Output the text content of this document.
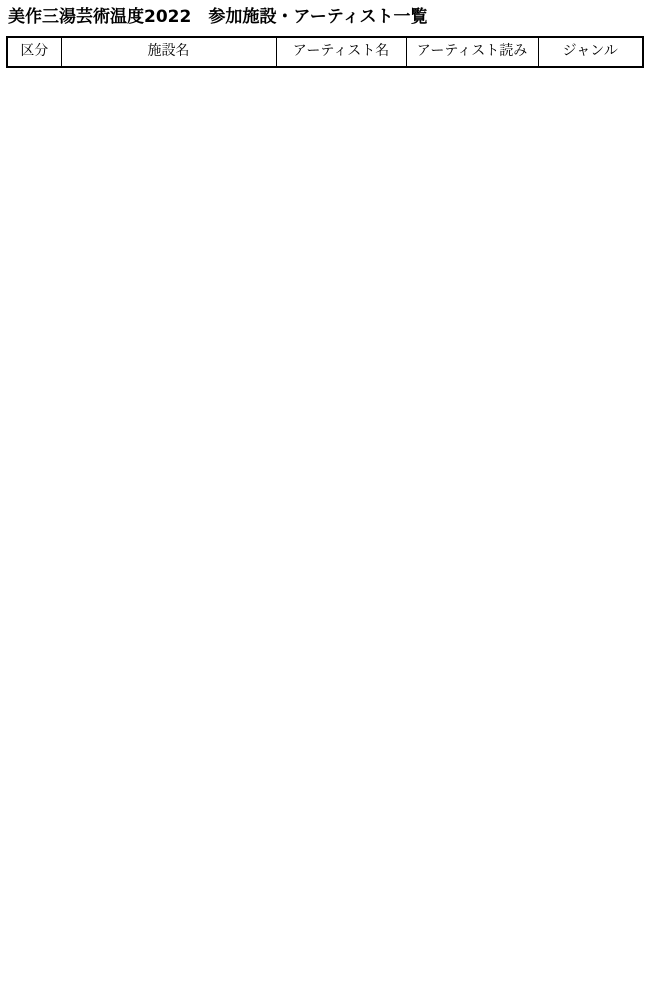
美作三湯芸術温度2022　参加施設・アーティスト一覧
区分	施設名	アーティスト名	アーティスト読み	ジャンル
